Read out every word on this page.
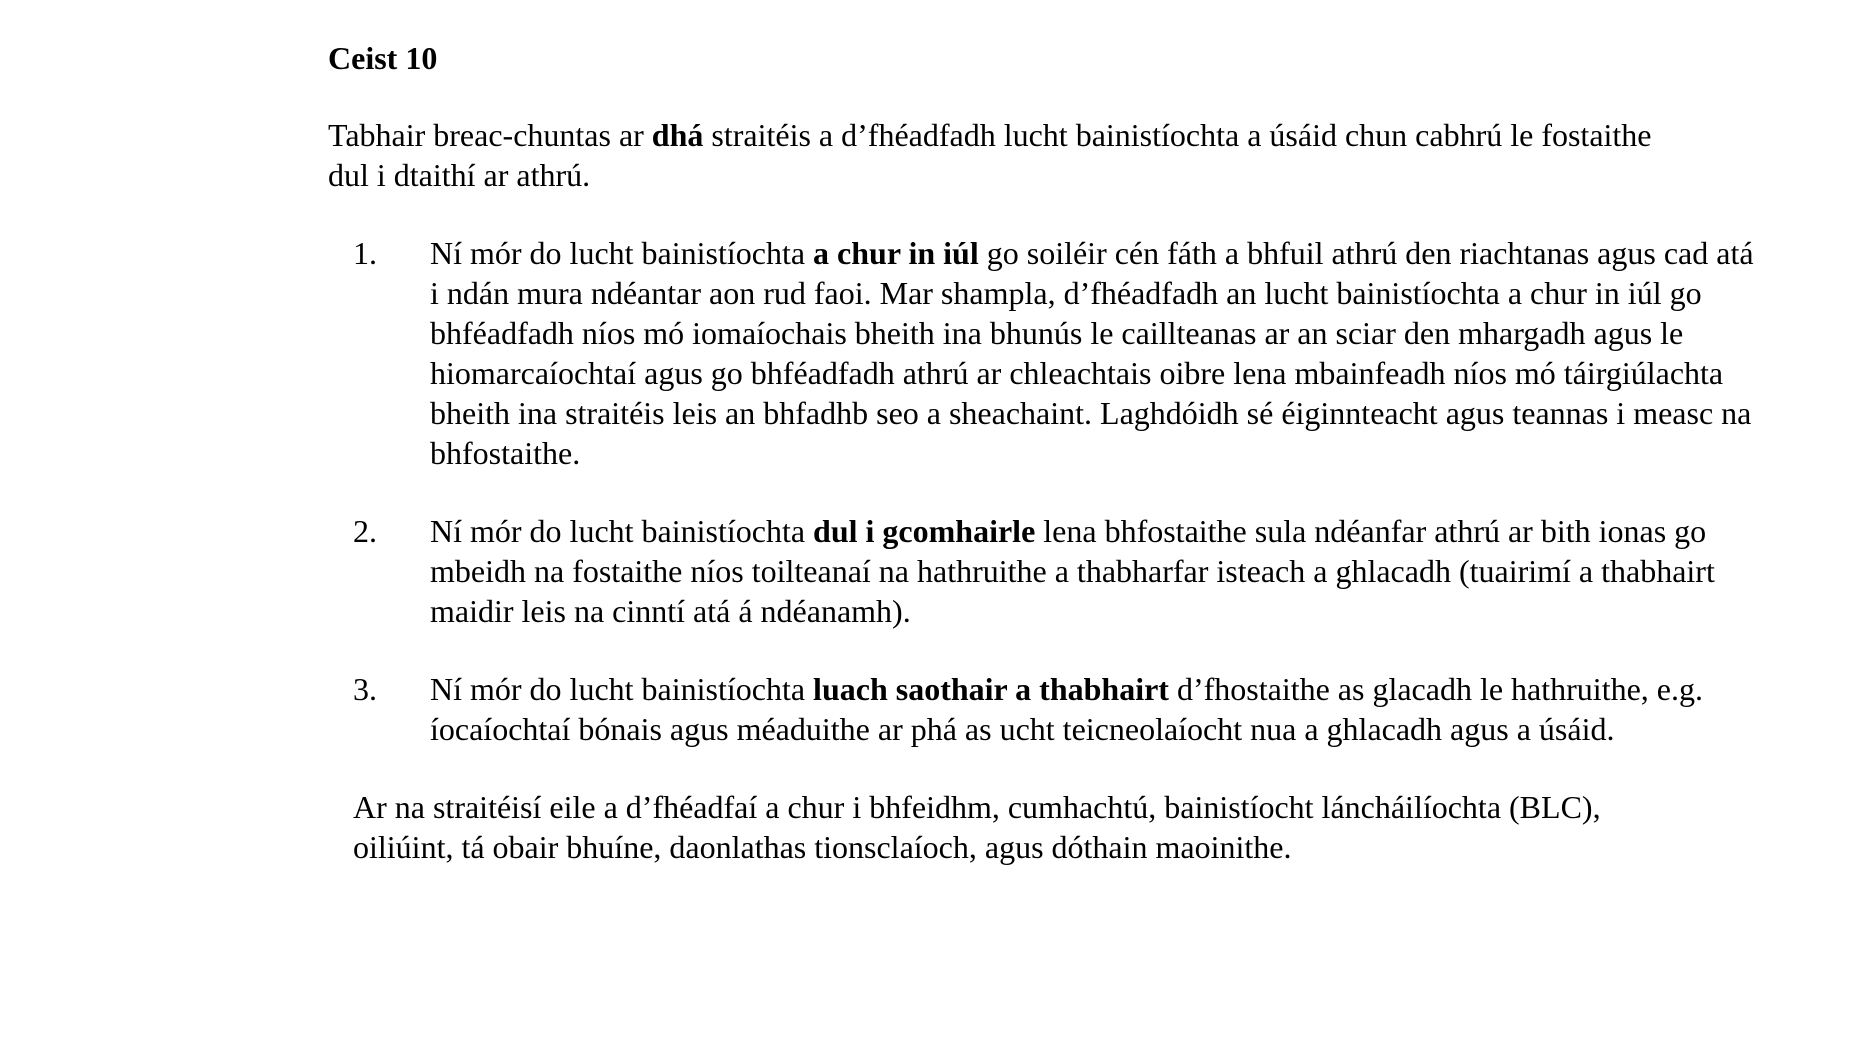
Ceist 10

Tabhair breac-chuntas ar dhá straitéis a d’fhéadfadh lucht bainistíochta a úsáid chun cabhrú le fostaithe dul i dtaithí ar athrú.

1. Ní mór do lucht bainistíochta a chur in iúl go soiléir cén fáth a bhfuil athrú den riachtanas agus cad atá i ndán mura ndéantar aon rud faoi. Mar shampla, d’fhéadfadh an lucht bainistíochta a chur in iúl go bhféadfadh níos mó iomaíochais bheith ina bhunús le caillteanas ar an sciar den mhargadh agus le hiomarcaíochtaí agus go bhféadfadh athrú ar chleachtais oibre lena mbainfeadh níos mó táirgiúlachta bheith ina straitéis leis an bhfadhb seo a sheachaint. Laghdóidh sé éiginnteacht agus teannas i measc na bhfostaithe.
2. Ní mór do lucht bainistíochta dul i gcomhairle lena bhfostaithe sula ndéanfar athrú ar bith ionas go mbeidh na fostaithe níos toilteanaí na hathruithe a thabharfar isteach a ghlacadh (tuairimí a thabhairt maidir leis na cinntí atá á ndéanamh).
3. Ní mór do lucht bainistíochta luach saothair a thabhairt d’fhostaithe as glacadh le hathruithe, e.g. íocaíochtaí bónais agus méaduithe ar phá as ucht teicneolaíocht nua a ghlacadh agus a úsáid.

Ar na straitéisí eile a d’fhéadfaí a chur i bhfeidhm, cumhachtú, bainistíocht láncháilíochta (BLC), oiliúint, tá obair bhuíne, daonlathas tionsclaíoch, agus dóthain maoinithe.
